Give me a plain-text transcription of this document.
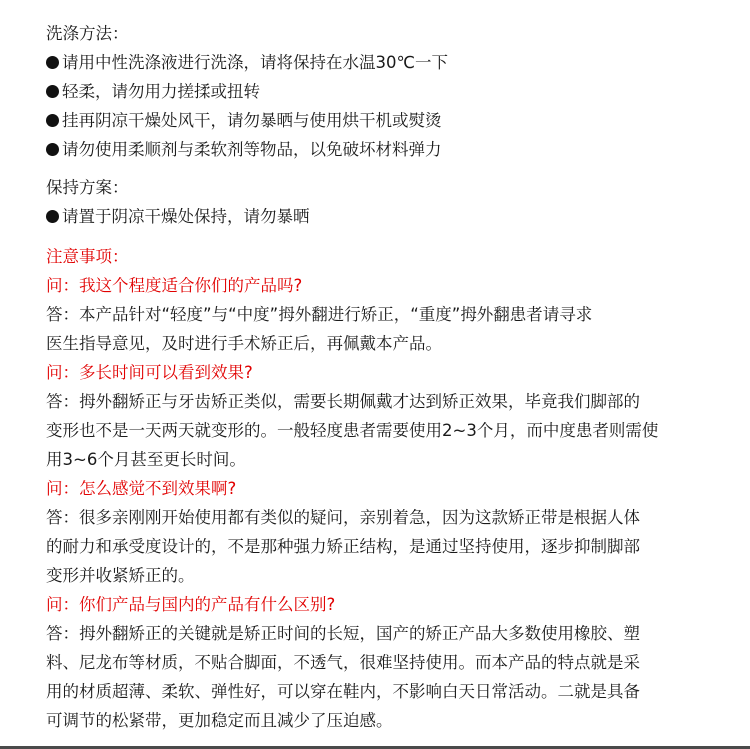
洗涤方法：
请用中性洗涤液进行洗涤，请将保持在水温30℃一下
轻柔，请勿用力搓揉或扭转
挂再阴凉干燥处风干，请勿暴晒与使用烘干机或熨烫
请勿使用柔顺剂与柔软剂等物品，以免破坏材料弹力
保持方案：
请置于阴凉干燥处保持，请勿暴晒
注意事项：
问：我这个程度适合你们的产品吗?
答：本产品针对“轻度”与“中度”拇外翻进行矫正，“重度”拇外翻患者请寻求
医生指导意见，及时进行手术矫正后，再佩戴本产品。
问：多长时间可以看到效果?
答：拇外翻矫正与牙齿矫正类似，需要长期佩戴才达到矫正效果，毕竟我们脚部的
变形也不是一天两天就变形的。一般轻度患者需要使用2~3个月，而中度患者则需使
用3~6个月甚至更长时间。
问：怎么感觉不到效果啊?
答：很多亲刚刚开始使用都有类似的疑问，亲别着急，因为这款矫正带是根据人体
的耐力和承受度设计的，不是那种强力矫正结构，是通过坚持使用，逐步抑制脚部
变形并收紧矫正的。
问：你们产品与国内的产品有什么区别?
答：拇外翻矫正的关键就是矫正时间的长短，国产的矫正产品大多数使用橡胶、塑
料、尼龙布等材质，不贴合脚面，不透气，很难坚持使用。而本产品的特点就是采
用的材质超薄、柔软、弹性好，可以穿在鞋内，不影响白天日常活动。二就是具备
可调节的松紧带，更加稳定而且减少了压迫感。
